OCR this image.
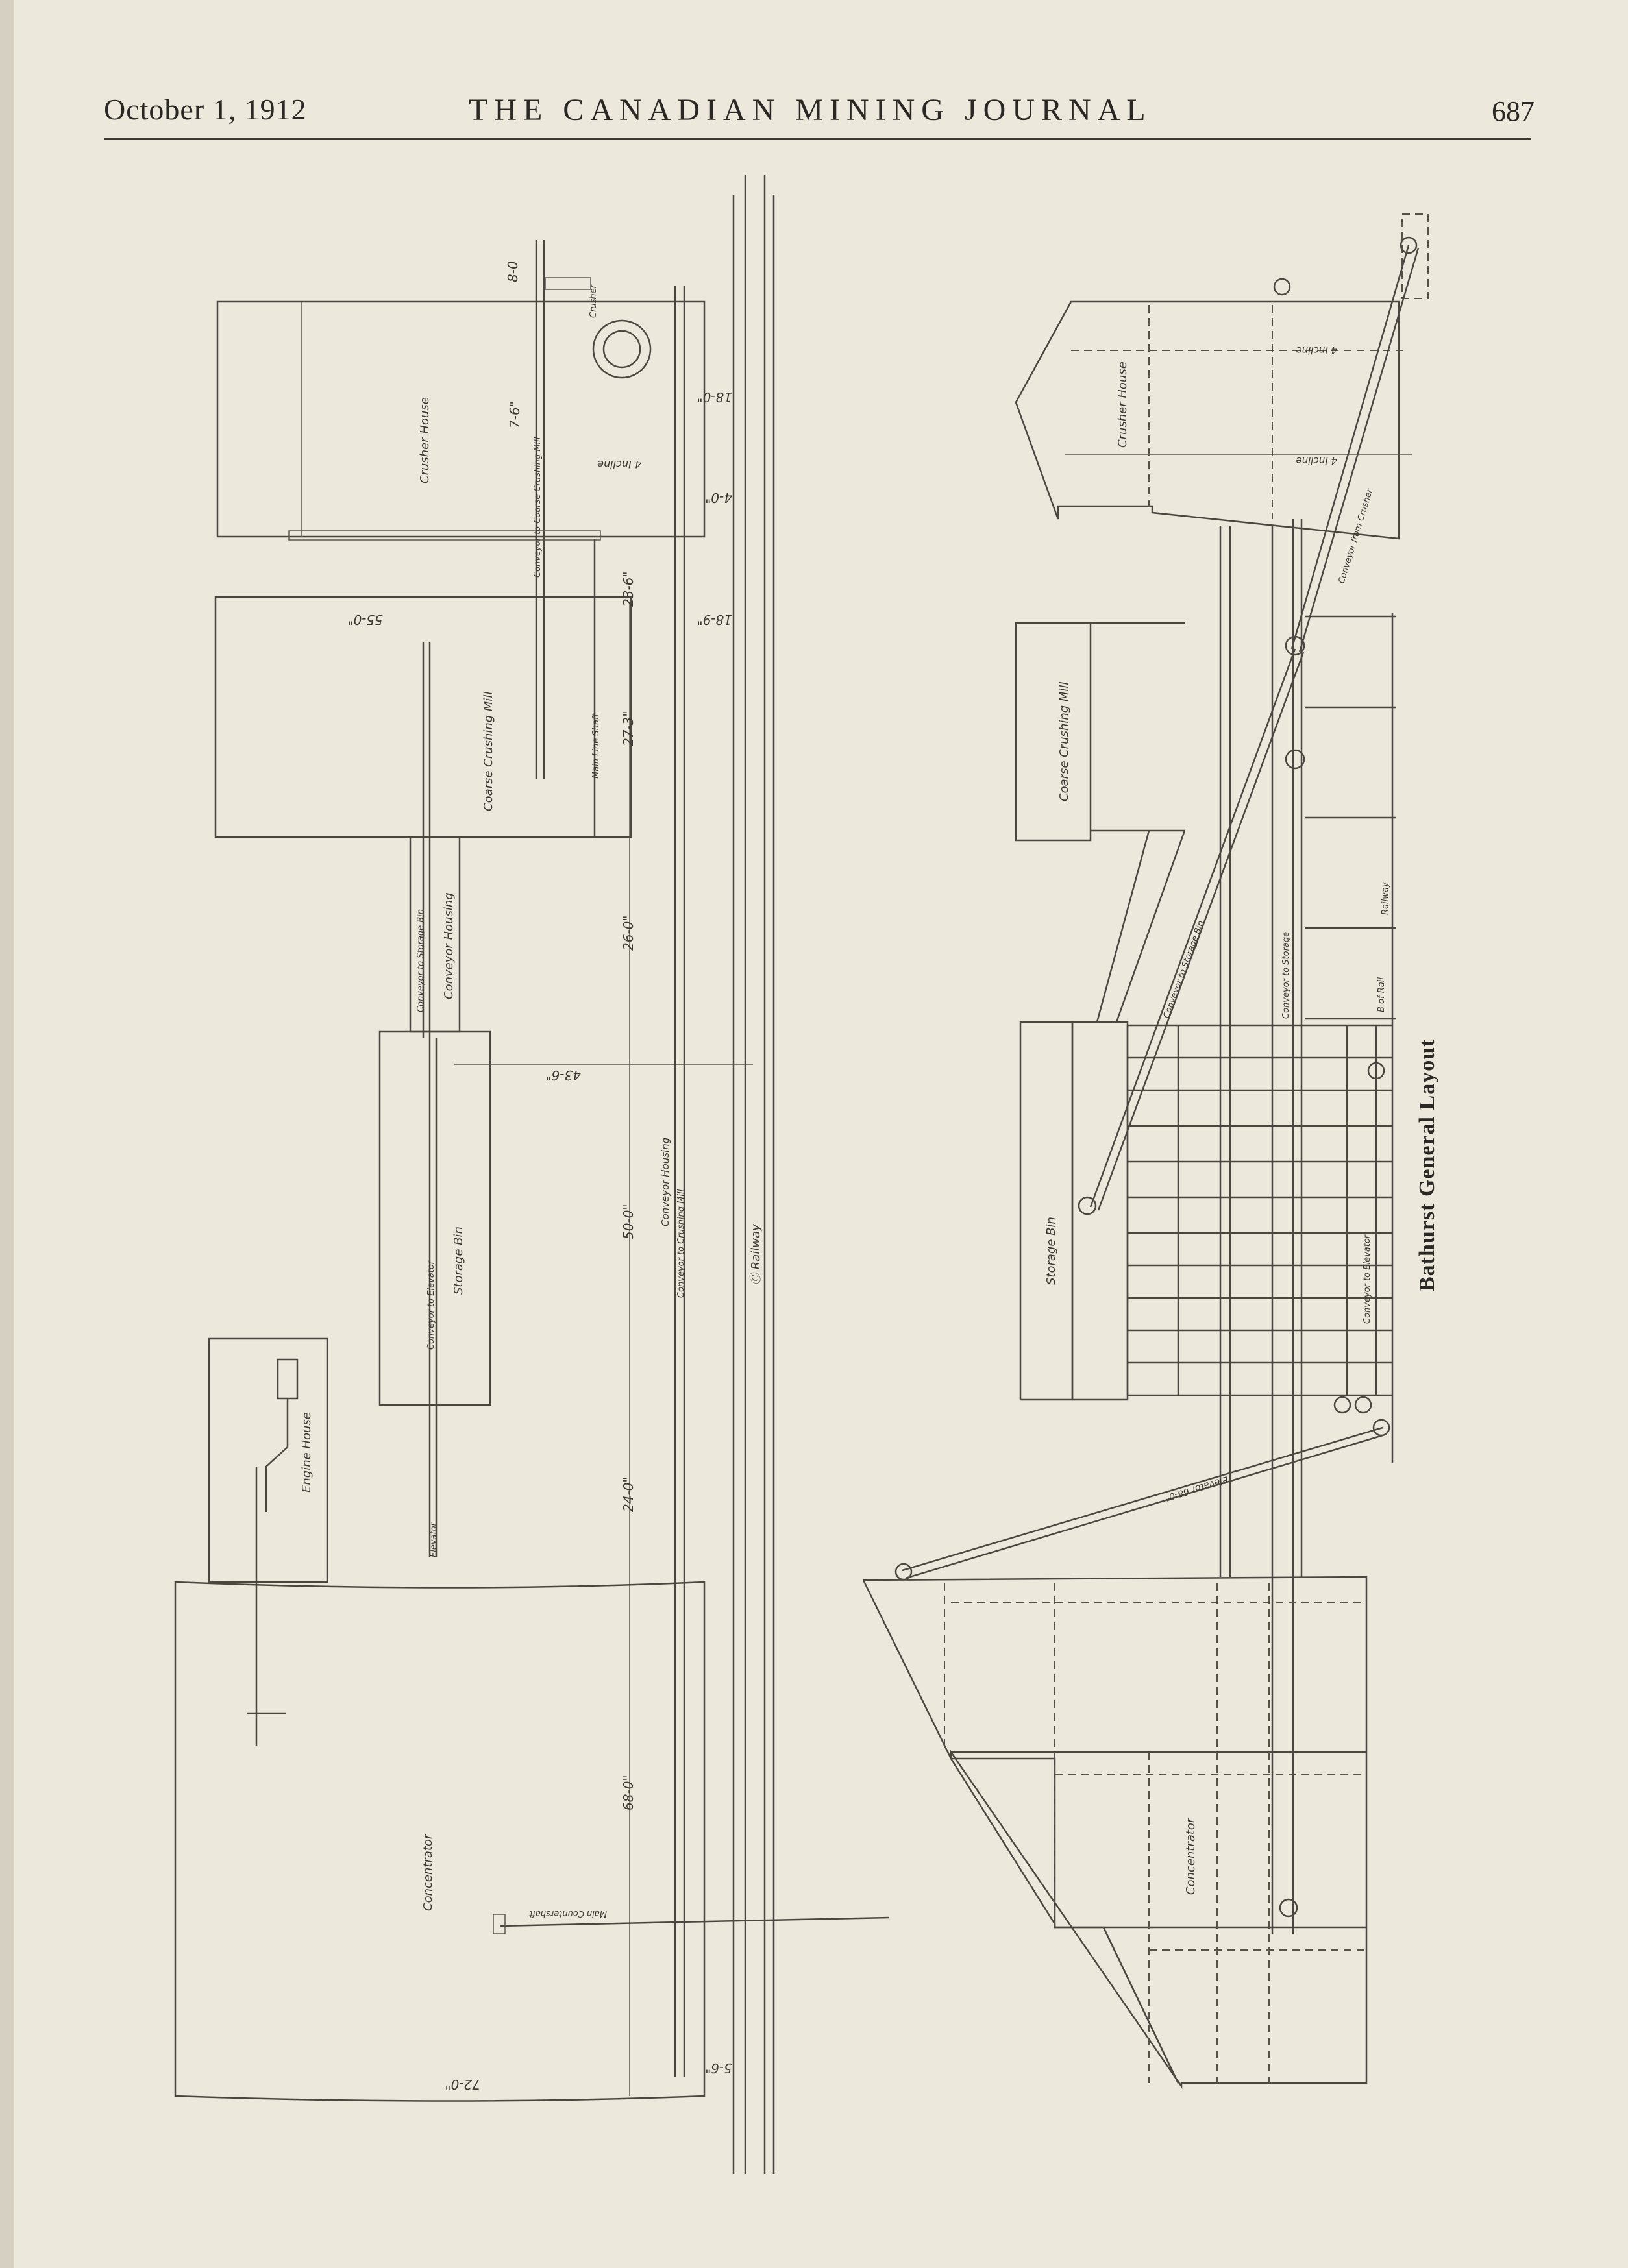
October 1, 1912	THE CANADIAN MINING JOURNAL	687
Crusher House
Coarse Crushing Mill
Conveyor Housing
Storage Bin
Engine House
Concentrator
Conveyor to Coarse Crushing Mill
Main Line Shaft
Conveyor to Storage Bin
Conveyor to Elevator
Conveyor Housing
Conveyor to Crushing Mill
Elevator
Main Countershaft
Ⓒ Railway
Crusher
8-0
7-6"
18-0"
4-0"
55-0"	18-9"
23-6"
27-3"
26-0"
43-6"
50-0"
24-0"
68-0"
72-0"
5-6"
4 Incline
Crusher House
Coarse Crushing Mill
Storage Bin
Concentrator
Conveyor from Crusher
Conveyor to Storage Bin	Conveyor to Storage
Conveyor to Elevator
B of Rail
Railway
Elevator 68-0"
4 Incline
4 Incline
Bathurst General Layout
